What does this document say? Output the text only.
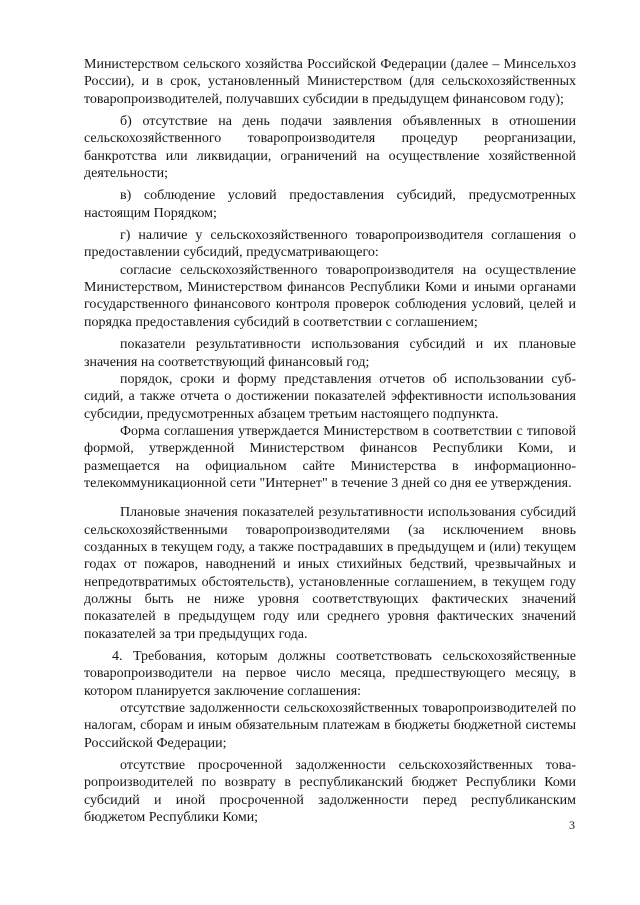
Министерством сельского хозяйства Российской Федерации (далее – Минсельхоз России), и в срок, установленный Министерством (для сельскохозяйственных товаропроизводителей, получавших субсидии в предыдущем финансовом году);

б) отсутствие на день подачи заявления объявленных в отношении сельскохозяйственного товаропроизводителя процедур реорганизации, банкротства или ликвидации, ограничений на осуществление хозяйственной деятельности;

в) соблюдение условий предоставления субсидий, предусмотренных настоящим Порядком;

г) наличие у сельскохозяйственного товаропроизводителя соглашения о предоставлении субсидий, предусматривающего:

согласие сельскохозяйственного товаропроизводителя на осуществление Министерством, Министерством финансов Республики Коми и иными органами государственного финансового контроля проверок соблюдения условий, целей и порядка предоставления субсидий в соответствии с соглашением;

показатели результативности использования субсидий и их плановые значения на соответствующий финансовый год;

порядок, сроки и форму представления отчетов об использовании субсидий, а также отчета о достижении показателей эффективности использования субсидии, предусмотренных абзацем третьим настоящего подпункта.

Форма соглашения утверждается Министерством в соответствии с типовой формой, утвержденной Министерством финансов Республики Коми, и размещается на официальном сайте Министерства в информационно-телекоммуникационной сети "Интернет" в течение 3 дней со дня ее утверждения.

Плановые значения показателей результативности использования субсидий сельскохозяйственными товаропроизводителями (за исключением вновь созданных в текущем году, а также пострадавших в предыдущем и (или) текущем годах от пожаров, наводнений и иных стихийных бедствий, чрезвычайных и непредотвратимых обстоятельств), установленные соглашением, в текущем году должны быть не ниже уровня соответствующих фактических значений показателей в предыдущем году или среднего уровня фактических значений показателей за три предыдущих года.

4. Требования, которым должны соответствовать сельскохозяйственные товаропроизводители на первое число месяца, предшествующего месяцу, в котором планируется заключение соглашения:

отсутствие задолженности сельскохозяйственных товаропроизводителей по налогам, сборам и иным обязательным платежам в бюджеты бюджетной системы Российской Федерации;

отсутствие просроченной задолженности сельскохозяйственных товаропроизводителей по возврату в республиканский бюджет Республики Коми субсидий и иной просроченной задолженности перед республиканским бюджетом Республики Коми;	3
